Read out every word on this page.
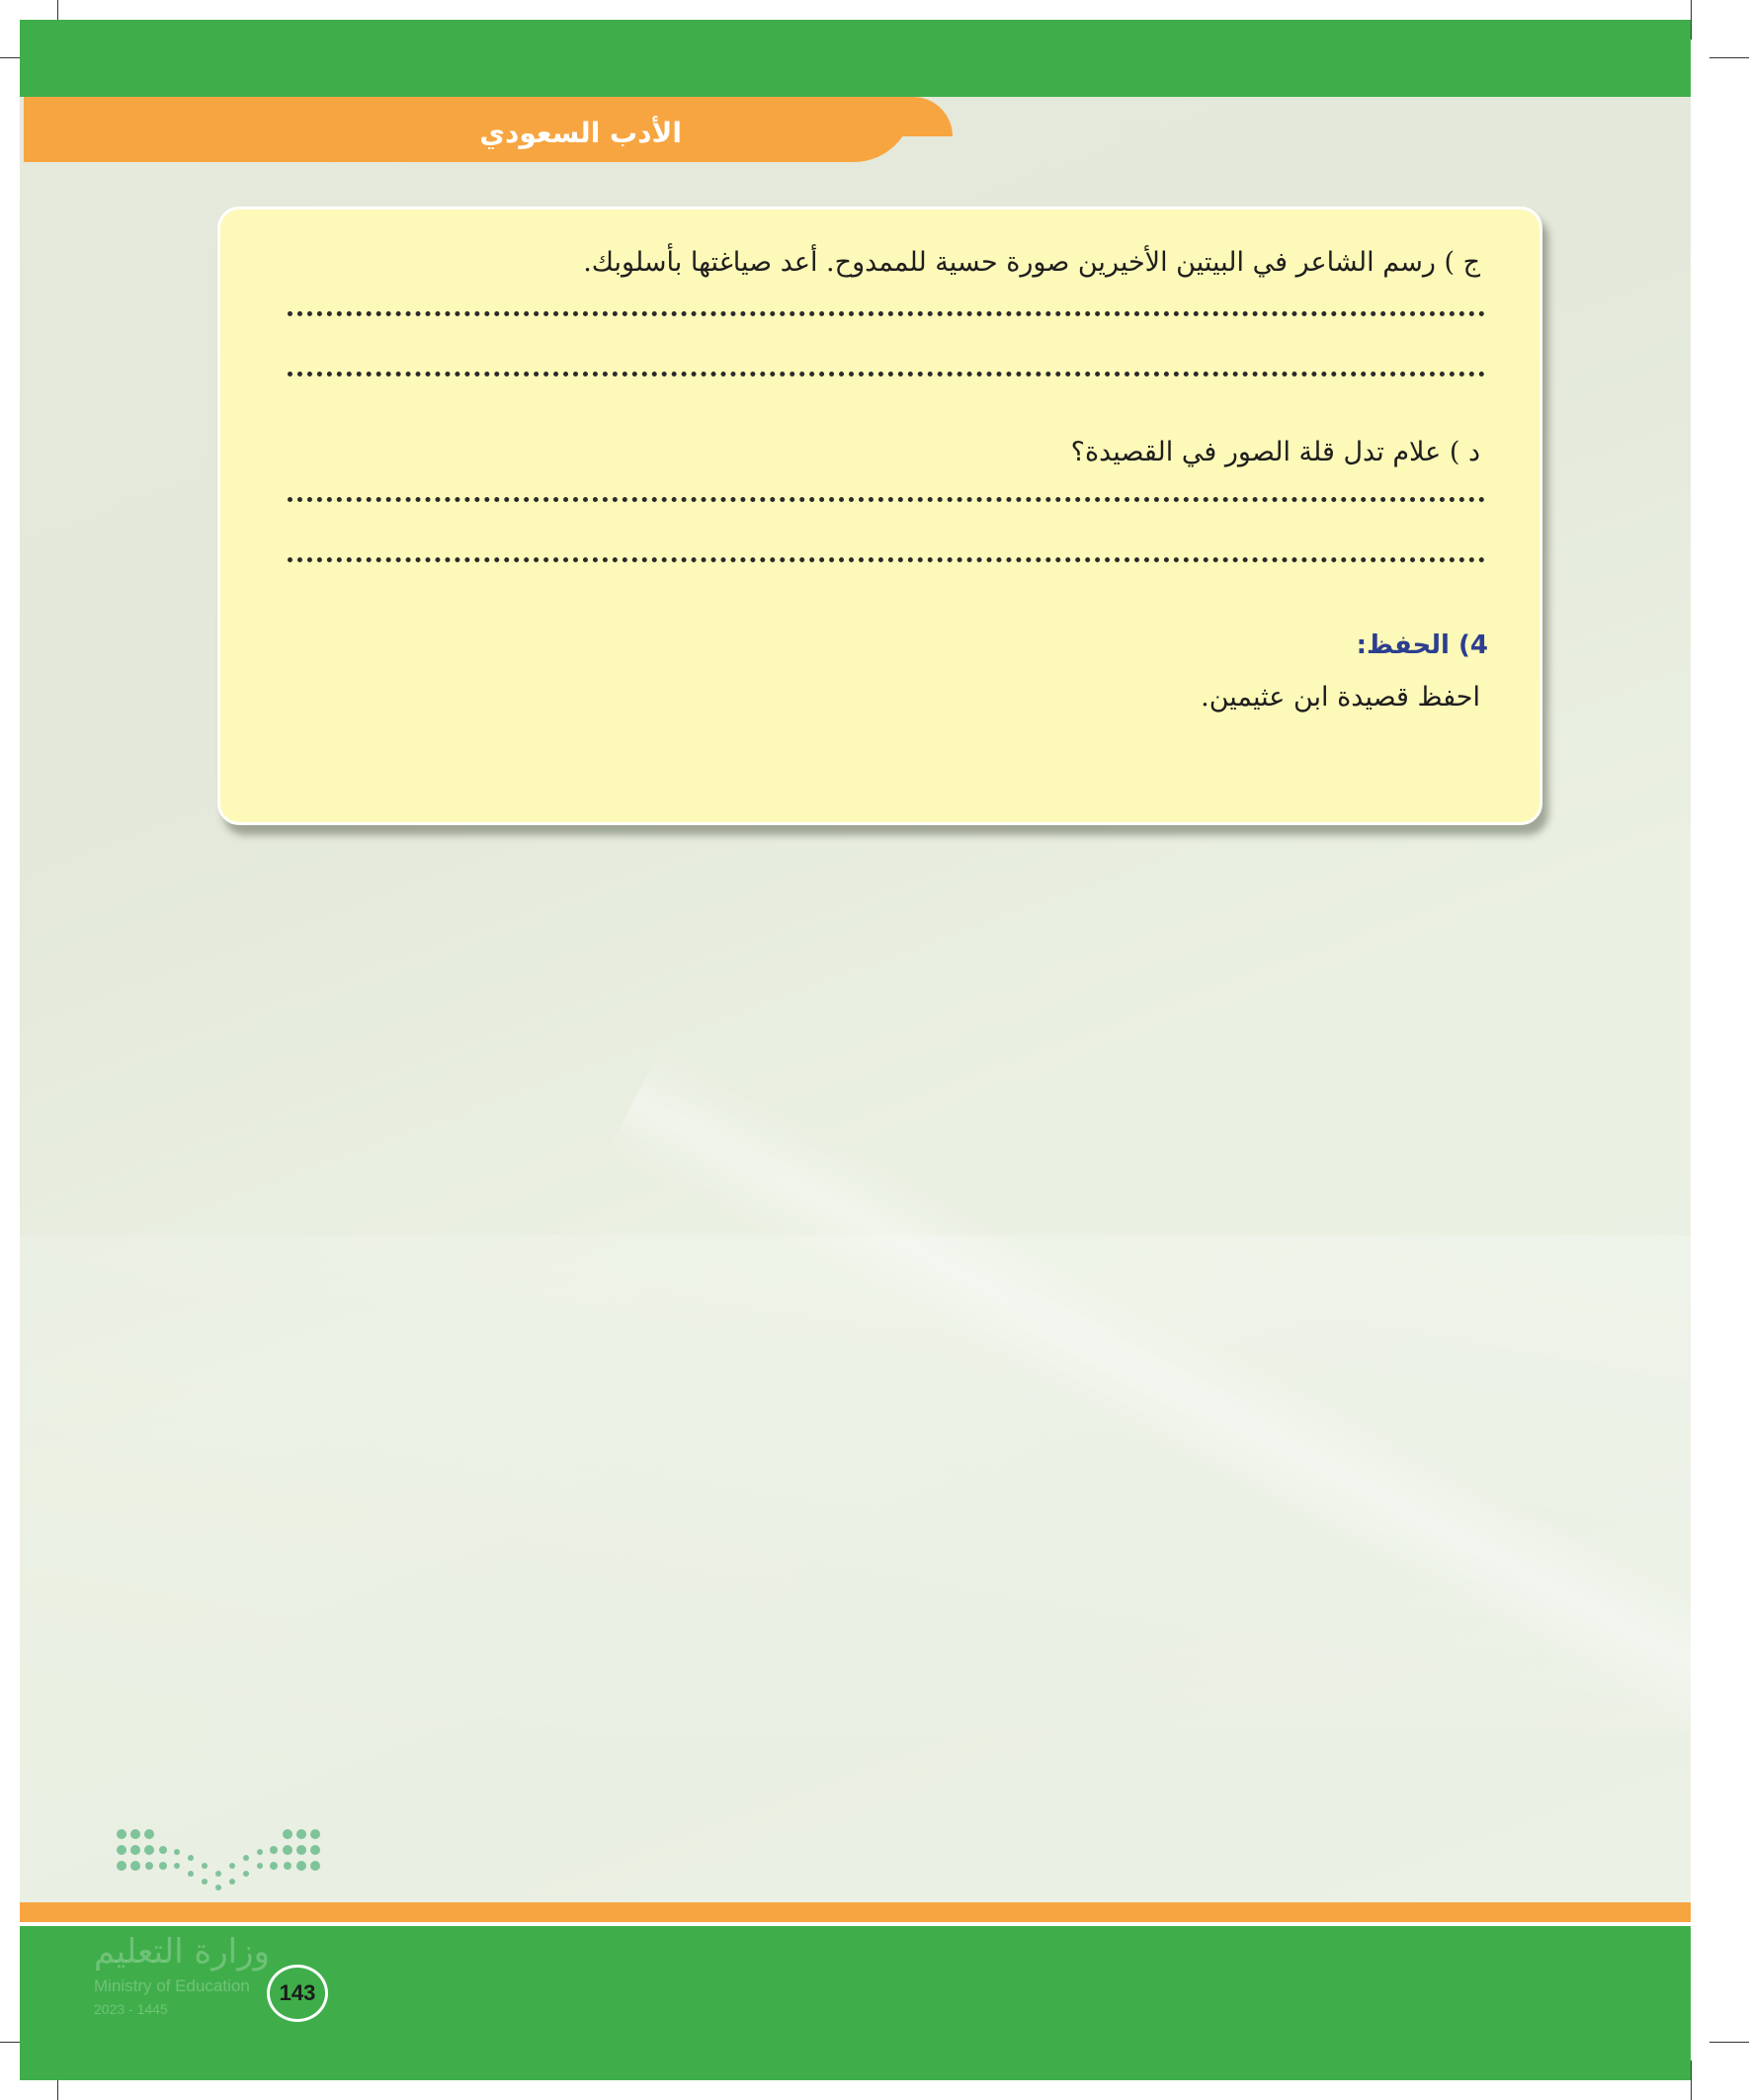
الأدب السعودي
ج ) رسم الشاعر في البيتين الأخيرين صورة حسية للممدوح. أعد صياغتها بأسلوبك.
د ) علام تدل قلة الصور في القصيدة؟
4) الحفظ:
احفظ قصيدة ابن عثيمين.
وزارة التعليم
Ministry of Education
2023 - 1445
143
